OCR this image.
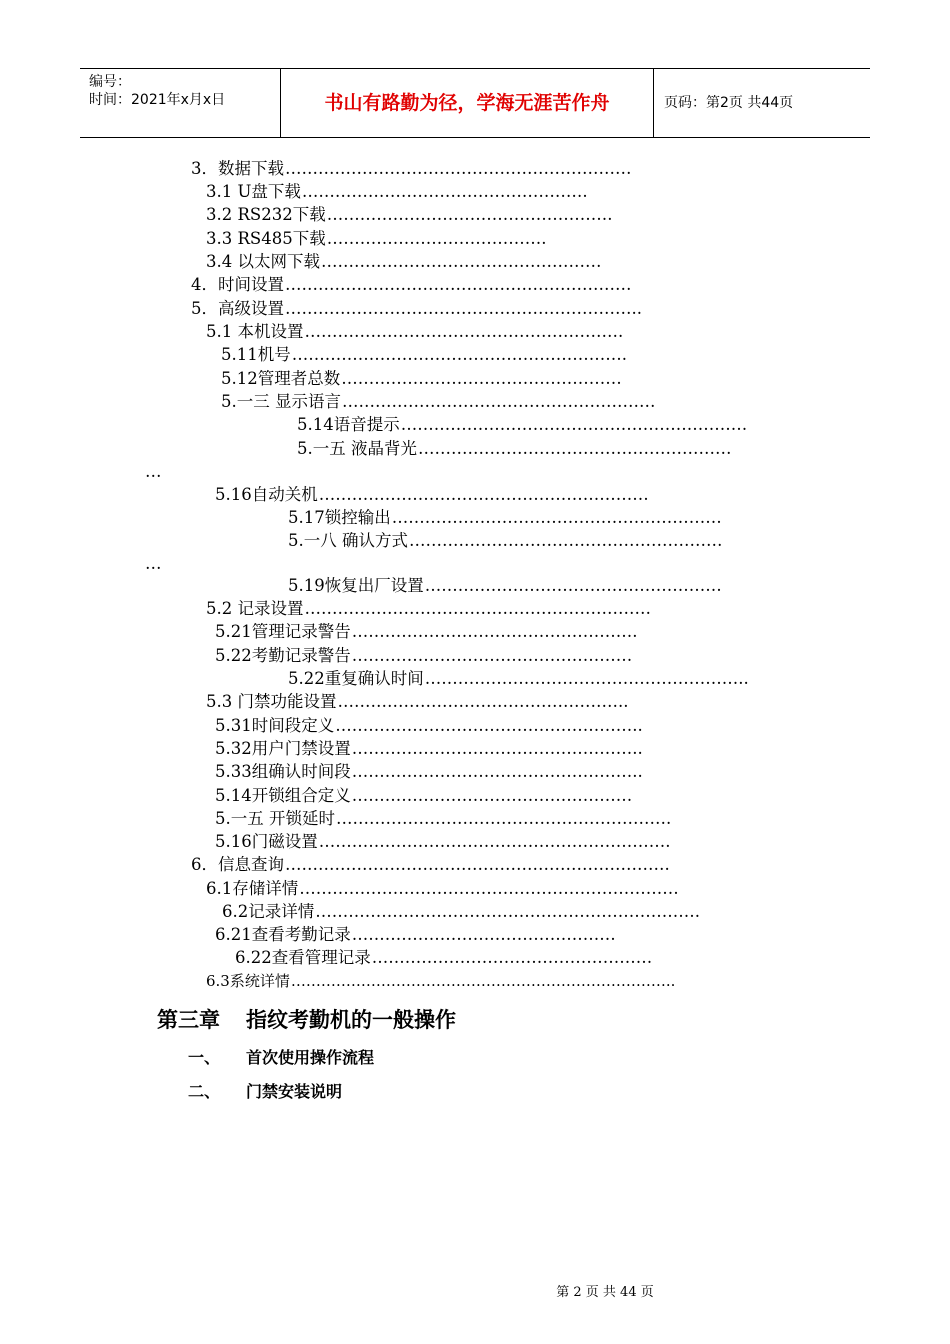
编号：
时间：2021年x月x日	书山有路勤为径，学海无涯苦作舟	页码：第2页 共44页
3．数据下载………………………………………………………
3.1 U盘下载…………………………………………….
3.2 RS232下载…………………………………………….
3.3 RS485下载………………………………….
3.4 以太网下载……………………………………………
4．时间设置………………………………………………………
5．高级设置………………………………………………………..
5.1 本机设置………………………………………………….
5.11机号…………………………………………………….
5.12管理者总数……………………………………………
5.一三 显示语言…………………………………………………
5.14语音提示………………………………………………………
5.一五 液晶背光…………………………………………………
…
5.16自动关机……………………………………………………
5.17锁控输出……………………………………………………
5.一八 确认方式…………………………………………………
…
5.19恢复出厂设置………………………………………………
5.2 记录设置………………………………………………………
5.21管理记录警告…………………………………………….
5.22考勤记录警告……………………………………………
5.22重复确认时间…………………………………………………..
5.3 门禁功能设置……………………………………………..
5.31时间段定义………………………………………………..
5.32用户门禁设置……………………………………………..
5.33组确认时间段……………………………………………..
5.14开锁组合定义……………………………………………
5.一五 开锁延时…………………………………………………….
5.16门磁设置……………………………………………………….
6．信息查询…………………………………………………………….
6.1存储详情……………………………………………………………
6.2记录详情…………………………………………………………….
6.21查看考勤记录…………………………………………
6.22查看管理记录……………………………………………
6.3系统详情…………………………………………………………………..
第三章 指纹考勤机的一般操作
一、 首次使用操作流程
二、 门禁安装说明
第 2 页 共 44 页
